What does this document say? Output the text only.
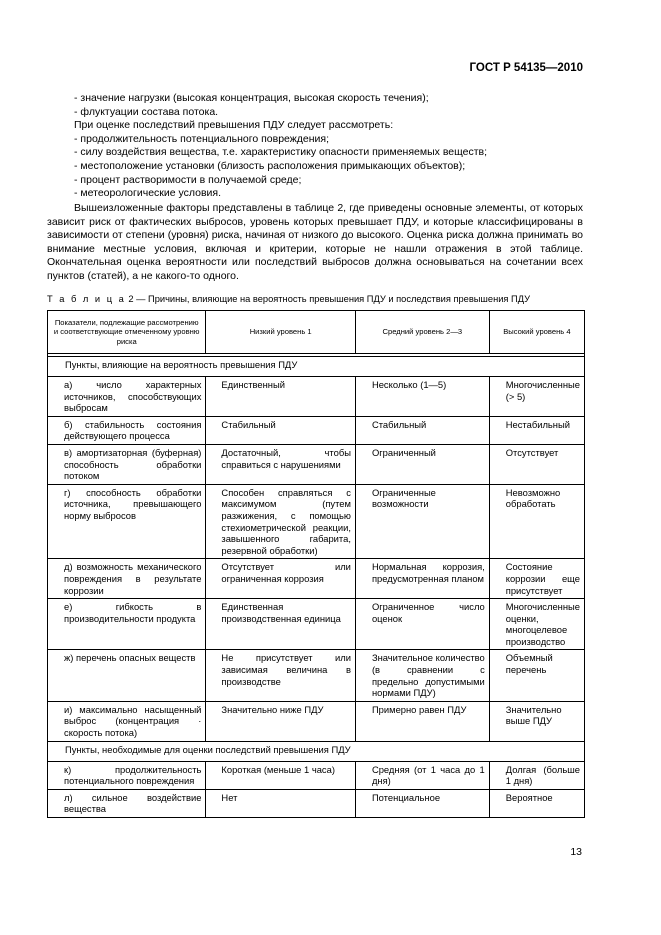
ГОСТ Р 54135—2010
- значение нагрузки (высокая концентрация, высокая скорость течения);
- флуктуации состава потока.
При оценке последствий превышения ПДУ следует рассмотреть:
- продолжительность потенциального повреждения;
- силу воздействия вещества, т.е. характеристику опасности применяемых веществ;
- местоположение установки (близость расположения примыкающих объектов);
- процент растворимости в получаемой среде;
- метеорологические условия.
Вышеизложенные факторы представлены в таблице 2, где приведены основные элементы, от которых зависит риск от фактических выбросов, уровень которых превышает ПДУ, и которые классифицированы в зависимости от степени (уровня) риска, начиная от низкого до высокого. Оценка риска должна принимать во внимание местные условия, включая и критерии, которые не нашли отражения в этой таблице. Окончательная оценка вероятности или последствий выбросов должна основываться на сочетании всех пунктов (статей), а не какого-то одного.
Т а б л и ц а 2 — Причины, влияющие на вероятность превышения ПДУ и последствия превышения ПДУ
Показатели, подлежащие рассмотрению и соответствующие отмеченному уровню риска	Низкий уровень 1	Средний уровень 2—3	Высокий уровень 4

Пункты, влияющие на вероятность превышения ПДУ			
а) число характерных источников, способствующих выбросам	Единственный	Несколько (1—5)	Многочисленные (> 5)
б) стабильность состояния действующего процесса	Стабильный	Стабильный	Нестабильный
в) амортизаторная (буферная) способность обработки потоком	Достаточный, чтобы справиться с нарушениями	Ограниченный	Отсутствует
г) способность обработки источника, превышающего норму выбросов	Способен справляться с максимумом (путем разжижения, с помощью стехиометрической реакции, завышенного габарита, резервной обработки)	Ограниченные возможности	Невозможно обработать
д) возможность механического повреждения в результате коррозии	Отсутствует или ограниченная коррозия	Нормальная коррозия, предусмотренная планом	Состояние коррозии еще присутствует
е) гибкость в производительности продукта	Единственная производственная единица	Ограниченное число оценок	Многочисленные оценки, многоцелевое производство
ж) перечень опасных веществ	Не присутствует или зависимая величина в производстве	Значительное количество (в сравнении с предельно допустимыми нормами ПДУ)	Объемный перечень
и) максимально насыщенный выброс (концентрация · скорость потока)	Значительно ниже ПДУ	Примерно равен ПДУ	Значительно выше ПДУ
Пункты, необходимые для оценки последствий превышения ПДУ			
к) продолжительность потенциального повреждения	Короткая (меньше 1 часа)	Средняя (от 1 часа до 1 дня)	Долгая (больше 1 дня)
л) сильное воздействие вещества	Нет	Потенциальное	Вероятное
13
